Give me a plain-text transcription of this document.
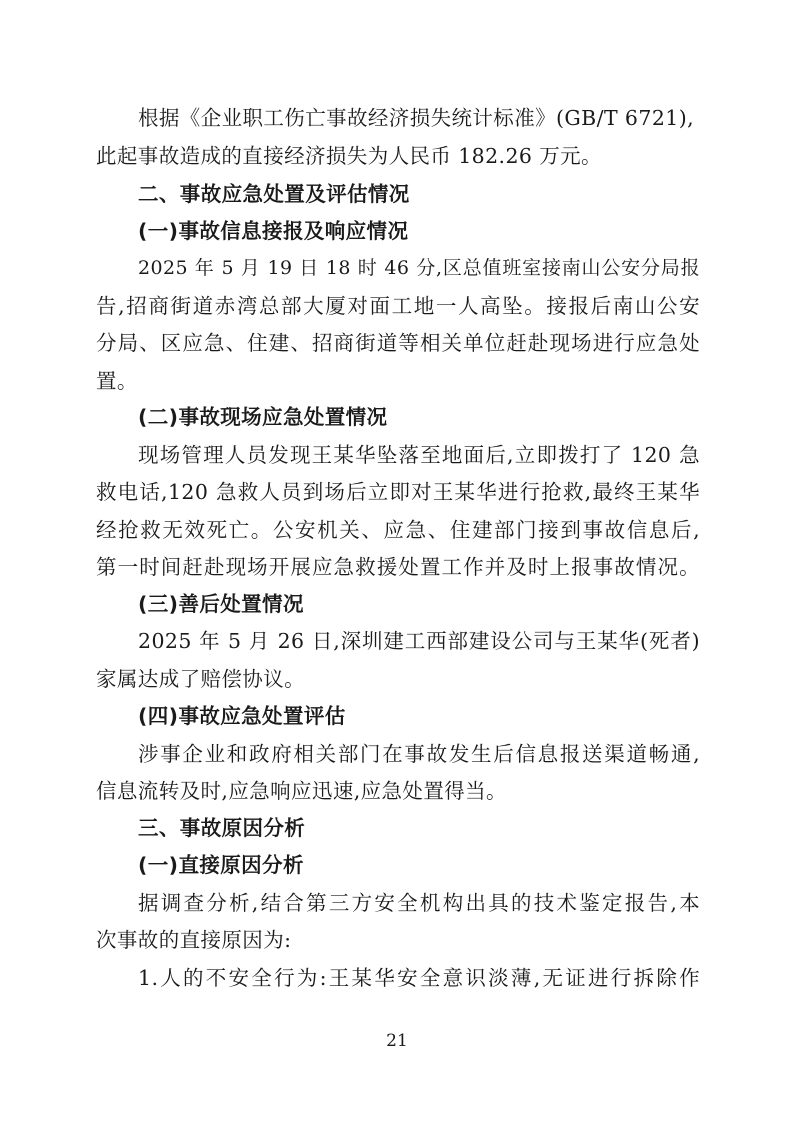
根据《企业职工伤亡事故经济损失统计标准》(GB/T 6721),
此起事故造成的直接经济损失为人民币 182.26 万元。
二、事故应急处置及评估情况
(一)事故信息接报及响应情况
2025 年 5 月 19 日 18 时 46 分,区总值班室接南山公安分局报
告,招商街道赤湾总部大厦对面工地一人高坠。接报后南山公安
分局、区应急、住建、招商街道等相关单位赶赴现场进行应急处
置。
(二)事故现场应急处置情况
现场管理人员发现王某华坠落至地面后,立即拨打了 120 急
救电话,120 急救人员到场后立即对王某华进行抢救,最终王某华
经抢救无效死亡。公安机关、应急、住建部门接到事故信息后,
第一时间赶赴现场开展应急救援处置工作并及时上报事故情况。
(三)善后处置情况
2025 年 5 月 26 日,深圳建工西部建设公司与王某华(死者)
家属达成了赔偿协议。
(四)事故应急处置评估
涉事企业和政府相关部门在事故发生后信息报送渠道畅通,
信息流转及时,应急响应迅速,应急处置得当。
三、事故原因分析
(一)直接原因分析
据调查分析,结合第三方安全机构出具的技术鉴定报告,本
次事故的直接原因为:
1.人的不安全行为:王某华安全意识淡薄,无证进行拆除作
21
